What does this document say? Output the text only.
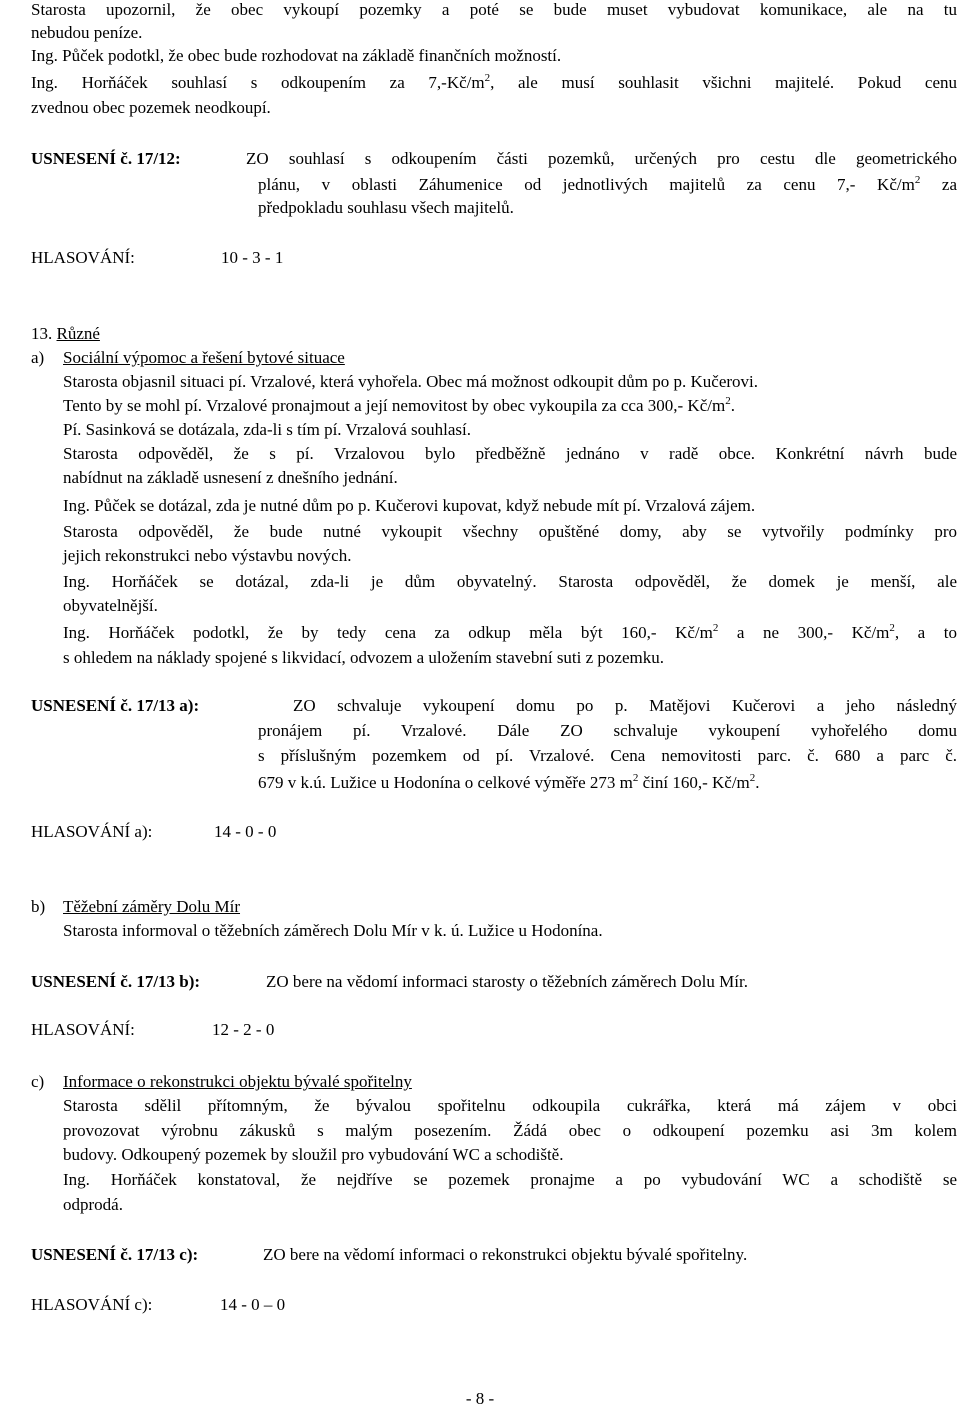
Starosta upozornil, že obec vykoupí pozemky a poté se bude muset vybudovat komunikace, ale na tu
nebudou peníze.
Ing. Půček podotkl, že obec bude rozhodovat na základě finančních možností.
Ing. Horňáček souhlasí s odkoupením za $7,-Kč/m^2$, ale musí souhlasit všichni majitelé. Pokud cenu
zvednou obec pozemek neodkoupí.
USNESENÍ č. 17/12:	ZO souhlasí s odkoupením části pozemků, určených pro cestu dle geometrického
plánu, v oblasti Záhumenice od jednotlivých majitelů za cenu 7,- $Kč/m^2$ za
předpokladu souhlasu všech majitelů.
HLASOVÁNÍ:	10 - 3 - 1
13. Různé
a) Sociální výpomoc a řešení bytové situace
Starosta objasnil situaci pí. Vrzalové, která vyhořela. Obec má možnost odkoupit dům po p. Kučerovi.
Tento by se mohl pí. Vrzalové pronajmout a její nemovitost by obec vykoupila za cca 300,- $Kč/m^2$.
Pí. Sasinková se dotázala, zda-li s tím pí. Vrzalová souhlasí.
Starosta odpověděl, že s pí. Vrzalovou bylo předběžně jednáno v radě obce. Konkrétní návrh bude
nabídnut na základě usnesení z dnešního jednání.
Ing. Půček se dotázal, zda je nutné dům po p. Kučerovi kupovat, když nebude mít pí. Vrzalová zájem.
Starosta odpověděl, že bude nutné vykoupit všechny opuštěné domy, aby se vytvořily podmínky pro
jejich rekonstrukci nebo výstavbu nových.
Ing. Horňáček se dotázal, zda-li je dům obyvatelný. Starosta odpověděl, že domek je menší, ale
obyvatelnější.
Ing. Horňáček podotkl, že by tedy cena za odkup měla být 160,- $Kč/m^2$ a ne 300,- $Kč/m^2$, a to
s ohledem na náklady spojené s likvidací, odvozem a uložením stavební suti z pozemku.
USNESENÍ č. 17/13 a):	ZO schvaluje vykoupení domu po p. Matějovi Kučerovi a jeho následný
pronájem pí. Vrzalové. Dále ZO schvaluje vykoupení vyhořelého domu
s příslušným pozemkem od pí. Vrzalové. Cena nemovitosti parc. č. 680 a parc č.
679 v k.ú. Lužice u Hodonína o celkové výměře 273 $m^2$ činí 160,- $Kč/m^2$.
HLASOVÁNÍ a):	14 - 0 - 0
b) Těžební záměry Dolu Mír
Starosta informoval o těžebních záměrech Dolu Mír v k. ú. Lužice u Hodonína.
USNESENÍ č. 17/13 b):	ZO bere na vědomí informaci starosty o těžebních záměrech Dolu Mír.
HLASOVÁNÍ:	12 - 2 - 0
c) Informace o rekonstrukci objektu bývalé spořitelny
Starosta sdělil přítomným, že bývalou spořitelnu odkoupila cukrářka, která má zájem v obci
provozovat výrobnu zákusků s malým posezením. Žádá obec o odkoupení pozemku asi 3m kolem
budovy. Odkoupený pozemek by sloužil pro vybudování WC a schodiště.
Ing. Horňáček konstatoval, že nejdříve se pozemek pronajme a po vybudování WC a schodiště se
odprodá.
USNESENÍ č. 17/13 c):	ZO bere na vědomí informaci o rekonstrukci objektu bývalé spořitelny.
HLASOVÁNÍ c):	14 - 0 – 0
- 8 -
